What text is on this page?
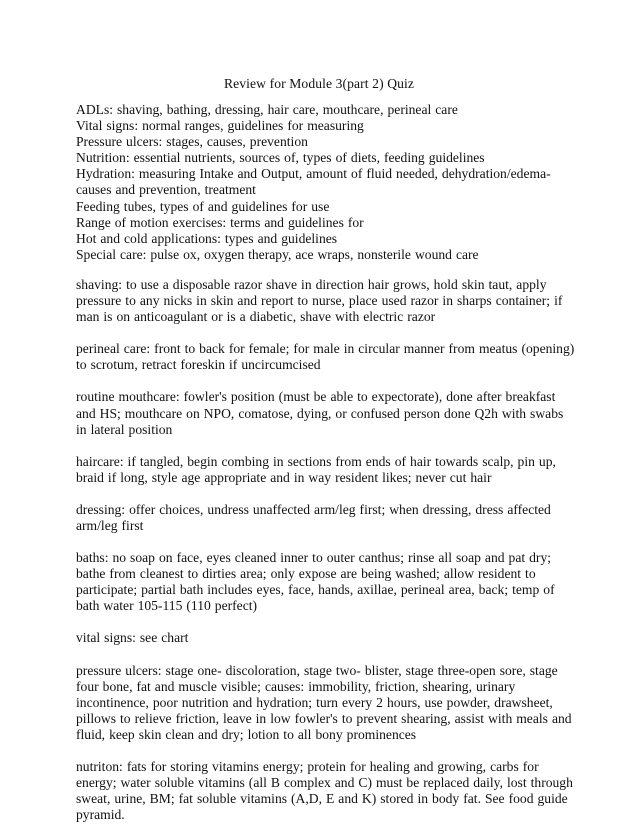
Review for Module 3(part 2) Quiz
ADLs: shaving, bathing, dressing, hair care, mouthcare, perineal care
Vital signs: normal ranges, guidelines for measuring
Pressure ulcers: stages, causes, prevention
Nutrition: essential nutrients, sources of, types of diets, feeding guidelines
Hydration: measuring Intake and Output, amount of fluid needed, dehydration/edema- causes and prevention, treatment
Feeding tubes, types of and guidelines for use
Range of motion exercises: terms and guidelines for
Hot and cold applications: types and guidelines
Special care: pulse ox, oxygen therapy, ace wraps, nonsterile wound care
shaving: to use a disposable razor shave in direction hair grows, hold skin taut, apply pressure to any nicks in skin and report to nurse, place used razor in sharps container; if man is on anticoagulant or is a diabetic, shave with electric razor
perineal care: front to back for female; for male in circular manner from meatus (opening) to scrotum, retract foreskin if uncircumcised
routine mouthcare: fowler's position (must be able to expectorate), done after breakfast and HS; mouthcare on NPO, comatose, dying, or confused person done Q2h with swabs in lateral position
haircare: if tangled, begin combing in sections from ends of hair towards scalp, pin up, braid if long, style age appropriate and in way resident likes; never cut hair
dressing: offer choices, undress unaffected arm/leg first; when dressing, dress affected arm/leg first
baths: no soap on face, eyes cleaned inner to outer canthus; rinse all soap and pat dry; bathe from cleanest to dirties area; only expose are being washed; allow resident to participate; partial bath includes eyes, face, hands, axillae, perineal area, back; temp of bath water 105-115 (110 perfect)
vital signs: see chart
pressure ulcers: stage one- discoloration, stage two- blister, stage three-open sore, stage four bone, fat and muscle visible; causes: immobility, friction, shearing, urinary incontinence, poor nutrition and hydration; turn every 2 hours, use powder, drawsheet, pillows to relieve friction, leave in low fowler's to prevent shearing, assist with meals and fluid, keep skin clean and dry; lotion to all bony prominences
nutriton: fats for storing vitamins energy; protein for healing and growing, carbs for energy; water soluble vitamins (all B complex and C) must be replaced daily, lost through sweat, urine, BM; fat soluble vitamins (A,D, E and K) stored in body fat. See food guide pyramid.
